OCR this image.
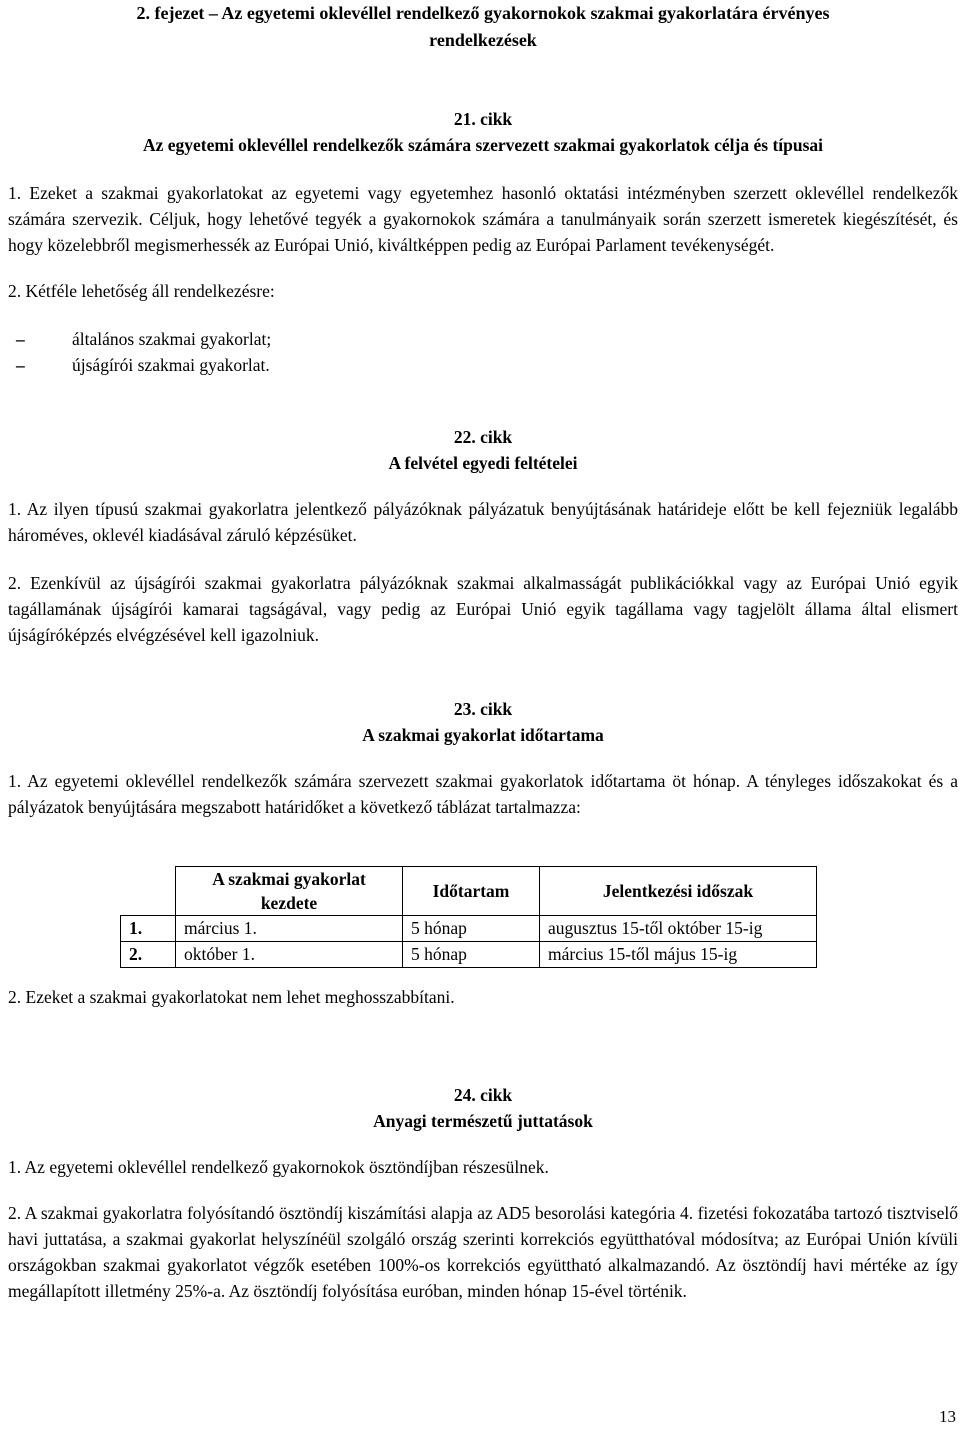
2. fejezet – Az egyetemi oklevéllel rendelkező gyakornokok szakmai gyakorlatára érvényes
rendelkezések
21. cikk
Az egyetemi oklevéllel rendelkezők számára szervezett szakmai gyakorlatok célja és típusai

1. Ezeket a szakmai gyakorlatokat az egyetemi vagy egyetemhez hasonló oktatási intézményben szerzett oklevéllel rendelkezők számára szervezik. Céljuk, hogy lehetővé tegyék a gyakornokok számára a tanulmányaik során szerzett ismeretek kiegészítését, és hogy közelebbről megismerhessék az Európai Unió, kiváltképpen pedig az Európai Parlament tevékenységét.

2. Kétféle lehetőség áll rendelkezésre:

– általános szakmai gyakorlat;
– újságírói szakmai gyakorlat.
22. cikk
A felvétel egyedi feltételei

1. Az ilyen típusú szakmai gyakorlatra jelentkező pályázóknak pályázatuk benyújtásának határideje előtt be kell fejezniük legalább hároméves, oklevél kiadásával záruló képzésüket.

2. Ezenkívül az újságírói szakmai gyakorlatra pályázóknak szakmai alkalmasságát publikációkkal vagy az Európai Unió egyik tagállamának újságírói kamarai tagságával, vagy pedig az Európai Unió egyik tagállama vagy tagjelölt állama által elismert újságíróképzés elvégzésével kell igazolniuk.

23. cikk
A szakmai gyakorlat időtartama

1. Az egyetemi oklevéllel rendelkezők számára szervezett szakmai gyakorlatok időtartama öt hónap. A tényleges időszakokat és a pályázatok benyújtására megszabott határidőket a következő táblázat tartalmazza:

	A szakmai gyakorlat kezdete	Időtartam	Jelentkezési időszak
1.	március 1.	5 hónap	augusztus 15-től október 15-ig
2.	október 1.	5 hónap	március 15-től május 15-ig

2. Ezeket a szakmai gyakorlatokat nem lehet meghosszabbítani.

24. cikk
Anyagi természetű juttatások

1. Az egyetemi oklevéllel rendelkező gyakornokok ösztöndíjban részesülnek.

2. A szakmai gyakorlatra folyósítandó ösztöndíj kiszámítási alapja az AD5 besorolási kategória 4. fizetési fokozatába tartozó tisztviselő havi juttatása, a szakmai gyakorlat helyszínéül szolgáló ország szerinti korrekciós együtthatóval módosítva; az Európai Unión kívüli országokban szakmai gyakorlatot végzők esetében 100%-os korrekciós együttható alkalmazandó. Az ösztöndíj havi mértéke az így megállapított illetmény 25%-a. Az ösztöndíj folyósítása euróban, minden hónap 15-ével történik.

13
